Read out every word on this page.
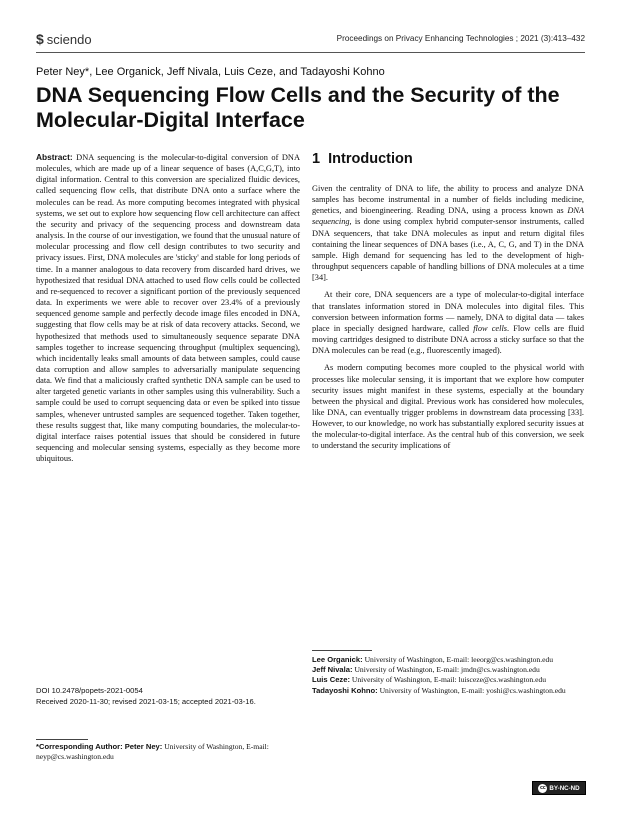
$ sciendo	Proceedings on Privacy Enhancing Technologies ; 2021 (3):413–432
Peter Ney*, Lee Organick, Jeff Nivala, Luis Ceze, and Tadayoshi Kohno
DNA Sequencing Flow Cells and the Security of the Molecular-Digital Interface

Abstract: DNA sequencing is the molecular-to-digital conversion of DNA molecules, which are made up of a linear sequence of bases (A,C,G,T), into digital information. Central to this conversion are specialized fluidic devices, called sequencing flow cells, that distribute DNA onto a surface where the molecules can be read. As more computing becomes integrated with physical systems, we set out to explore how sequencing flow cell architecture can affect the security and privacy of the sequencing process and downstream data analysis. In the course of our investigation, we found that the unusual nature of molecular processing and flow cell design contributes to two security and privacy issues. First, DNA molecules are 'sticky' and stable for long periods of time. In a manner analogous to data recovery from discarded hard drives, we hypothesized that residual DNA attached to used flow cells could be collected and re-sequenced to recover a significant portion of the previously sequenced data. In experiments we were able to recover over 23.4% of a previously sequenced genome sample and perfectly decode image files encoded in DNA, suggesting that flow cells may be at risk of data recovery attacks. Second, we hypothesized that methods used to simultaneously sequence separate DNA samples together to increase sequencing throughput (multiplex sequencing), which incidentally leaks small amounts of data between samples, could cause data corruption and allow samples to adversarially manipulate sequencing data. We find that a maliciously crafted synthetic DNA sample can be used to alter targeted genetic variants in other samples using this vulnerability. Such a sample could be used to corrupt sequencing data or even be spiked into tissue samples, whenever untrusted samples are sequenced together. Taken together, these results suggest that, like many computing boundaries, the molecular-to-digital interface raises potential issues that should be considered in future sequencing and molecular sensing systems, especially as they become more ubiquitous.

DOI 10.2478/popets-2021-0054
Received 2020-11-30; revised 2021-03-15; accepted 2021-03-16.
*Corresponding Author: Peter Ney: University of Washington, E-mail: neyp@cs.washington.edu
1 Introduction

Given the centrality of DNA to life, the ability to process and analyze DNA samples has become instrumental in a number of fields including medicine, genetics, and bioengineering. Reading DNA, using a process known as DNA sequencing, is done using complex hybrid computer-sensor instruments, called DNA sequencers, that take DNA molecules as input and return digital files containing the linear sequences of DNA bases (i.e., A, C, G, and T) in the DNA sample. High demand for sequencing has led to the development of high-throughput sequencers capable of handling billions of DNA molecules at a time [34].

At their core, DNA sequencers are a type of molecular-to-digital interface that translates information stored in DNA molecules into digital files. This conversion between information forms — namely, DNA to digital data — takes place in specially designed hardware, called flow cells. Flow cells are fluid moving cartridges designed to distribute DNA across a sticky surface so that the DNA molecules can be read (e.g., fluorescently imaged).

As modern computing becomes more coupled to the physical world with processes like molecular sensing, it is important that we explore how computer security issues might manifest in these systems, especially at the boundary between the physical and digital. Previous work has considered how molecules, like DNA, can eventually trigger problems in downstream data processing [33]. However, to our knowledge, no work has substantially explored security issues at the molecular-to-digital interface. As the central hub of this conversion, we seek to understand the security implications of

Lee Organick: University of Washington, E-mail: leeorg@cs.washington.edu
Jeff Nivala: University of Washington, E-mail: jmdn@cs.washington.edu
Luis Ceze: University of Washington, E-mail: luisceze@cs.washington.edu
Tadayoshi Kohno: University of Washington, E-mail: yoshi@cs.washington.edu
cc BY-NC-ND
